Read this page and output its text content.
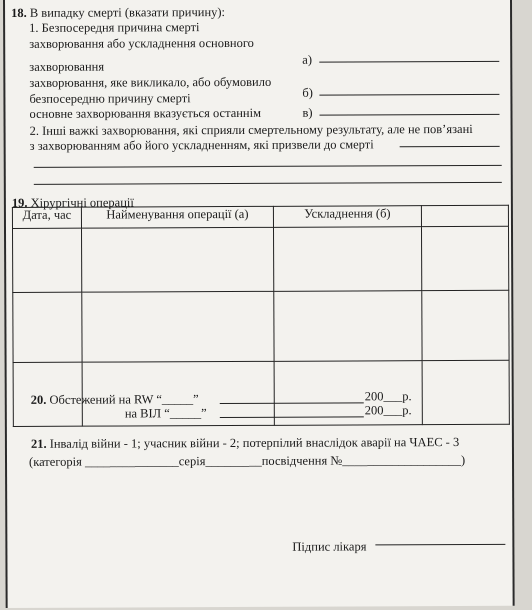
18. В випадку смерті (вказати причину):
1. Безпосередня причина смерті
захворювання або ускладнення основного
захворювання
захворювання, яке викликало, або обумовило
безпосередню причину смерті
основне захворювання вказується останнім
а)
б)
в)
2. Інші важкі захворювання, які сприяли смертельному результату, але не пов’язані
з захворюванням або його ускладненням, які призвели до смерті
19. Хірургічні операції
Дата, час	Найменування операції (а)	Ускладнення (б)	

20. Обстежений на RW “_____”	200___р.
на ВІЛ “_____”	200___р.
21. Інвалід війни - 1; учасник війни - 2; потерпілий внаслідок аварії на ЧАЕС - 3
(категорія _______________серія_________посвідчення №___________________)
Підпис лікаря
